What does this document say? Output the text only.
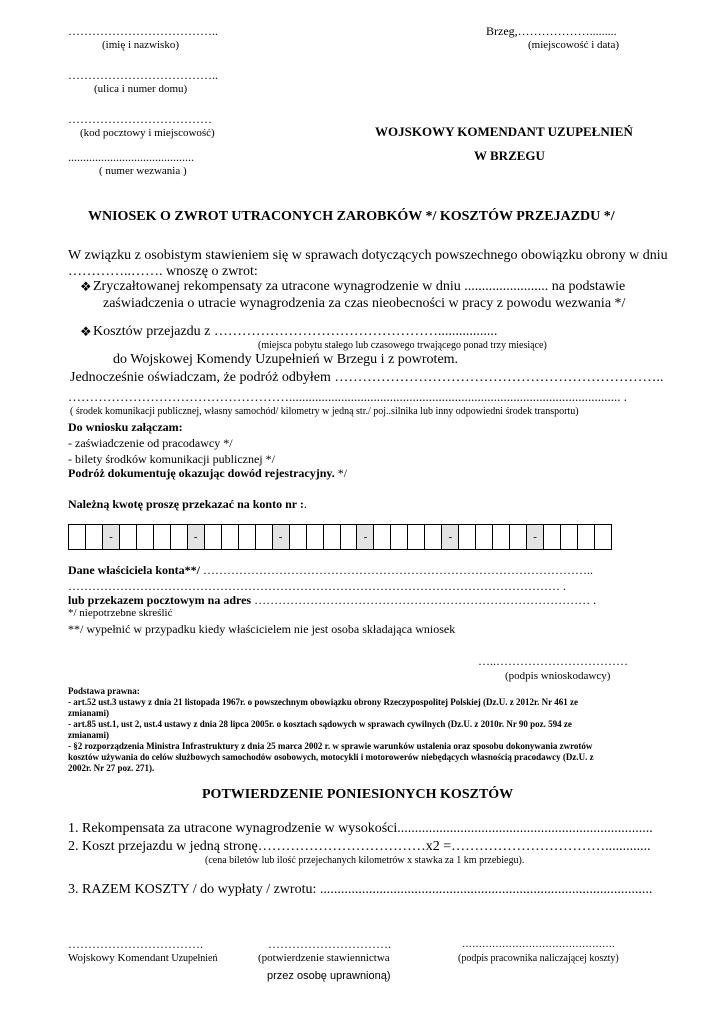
………………………………..
(imię i nazwisko)
………………………………..
(ulica i numer domu)
………………………………
(kod pocztowy i miejscowość)
..........................................
( numer wezwania )
Brzeg,……………….........
(miejscowość i data)
WOJSKOWY KOMENDANT UZUPEŁNIEŃ
W BRZEGU
WNIOSEK O ZWROT UTRACONYCH ZAROBKÓW */ KOSZTÓW PRZEJAZDU */
W związku z osobistym stawieniem się w sprawach dotyczących powszechnego obowiązku obrony w dniu
…………..……. wnoszę o zwrot:
❖ Zryczałtowanej rekompensaty za utracone wynagrodzenie w dniu ........................ na podstawie
zaświadczenia o utracie wynagrodzenia za czas nieobecności w pracy z powodu wezwania */
❖ Kosztów przejazdu z ………………………………………….................
(miejsca pobytu stałego lub czasowego trwającego ponad trzy miesiące)
do Wojskowej Komendy Uzupełnień w Brzegu i z powrotem.
Jednocześnie oświadczam, że podróż odbyłem ……………………………………………………………..
……………………………………………...................................................................................................... .
( środek komunikacji publicznej, własny samochód/ kilometry w jedną str./ poj..silnika lub inny odpowiedni środek transportu)
Do wniosku załączam:
- zaświadczenie od pracodawcy */
- bilety środków komunikacji publicznej */
Podróż dokumentuję okazując dowód rejestracyjny. */
Należną kwotę proszę przekazać na konto nr :.
-	-	-	-	-	-
Dane właściciela konta**/ ……………………………………………………………………………………..
…………………………………………………………………………………………………………… .
lub przekazem pocztowym na adres ………………………………………………………………………… .
*/ niepotrzebne skreślić
**/ wypełnić w przypadku kiedy właścicielem nie jest osoba składająca wniosek
…..……………………………
(podpis wnioskodawcy)
Podstawa prawna:
- art.52 ust.3 ustawy z dnia 21 listopada 1967r. o powszechnym obowiązku obrony Rzeczypospolitej Polskiej (Dz.U. z 2012r. Nr 461 ze
zmianami)
- art.85 ust.1, ust 2, ust.4 ustawy z dnia 28 lipca 2005r. o kosztach sądowych w sprawach cywilnych (Dz.U. z 2010r. Nr 90 poz. 594 ze
zmianami)
- §2 rozporządzenia Ministra Infrastruktury z dnia 25 marca 2002 r. w sprawie warunków ustalenia oraz sposobu dokonywania zwrotów
kosztów używania do celów służbowych samochodów osobowych, motocykli i motorowerów niebędących własnością pracodawcy (Dz.U. z
2002r. Nr 27 poz. 271).
POTWIERDZENIE PONIESIONYCH KOSZTÓW
1. Rekompensata za utracone wynagrodzenie w wysokości.........................................................................
2. Koszt przejazdu w jedną stronę………………………………x2 =…………………………….............
(cena biletów lub ilość przejechanych kilometrów x stawka za 1 km przebiegu).
3. RAZEM KOSZTY / do wypłaty / zwrotu: ...............................................................................................
…………………………….
Wojskowy Komendant Uzupełnień
………………………….
(potwierdzenie stawiennictwa
przez osobę uprawnioną)
……………………………………….
(podpis pracownika naliczającej koszty)
